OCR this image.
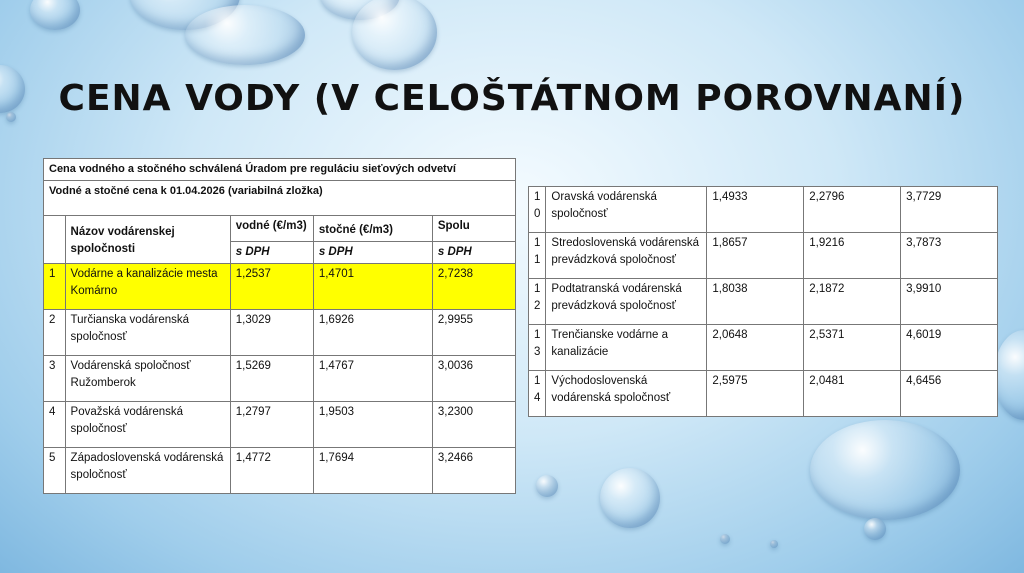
CENA VODY (V CELOŠTÁTNOM POROVNANÍ)
Cena vodného a stočného schválená Úradom pre reguláciu sieťových odvetví				
Vodné a stočné cena k 01.04.2026 (variabilná zložka)				
	Názov vodárenskej spoločnosti	vodné (€/m3)	stočné (€/m3)	Spolu
		s DPH	s DPH	s DPH
1	Vodárne a kanalizácie mesta Komárno	1,2537	1,4701	2,7238
2	Turčianska vodárenská spoločnosť	1,3029	1,6926	2,9955
3	Vodárenská spoločnosť Ružomberok	1,5269	1,4767	3,0036
4	Považská vodárenská spoločnosť	1,2797	1,9503	3,2300
5	Západoslovenská vodárenská spoločnosť	1,4772	1,7694	3,2466
10	Oravská vodárenská spoločnosť	1,4933	2,2796	3,7729
11	Stredoslovenská vodárenská prevádzková spoločnosť	1,8657	1,9216	3,7873
12	Podtatranská vodárenská prevádzková spoločnosť	1,8038	2,1872	3,9910
13	Trenčianske vodárne a kanalizácie	2,0648	2,5371	4,6019
14	Východoslovenská vodárenská spoločnosť	2,5975	2,0481	4,6456
